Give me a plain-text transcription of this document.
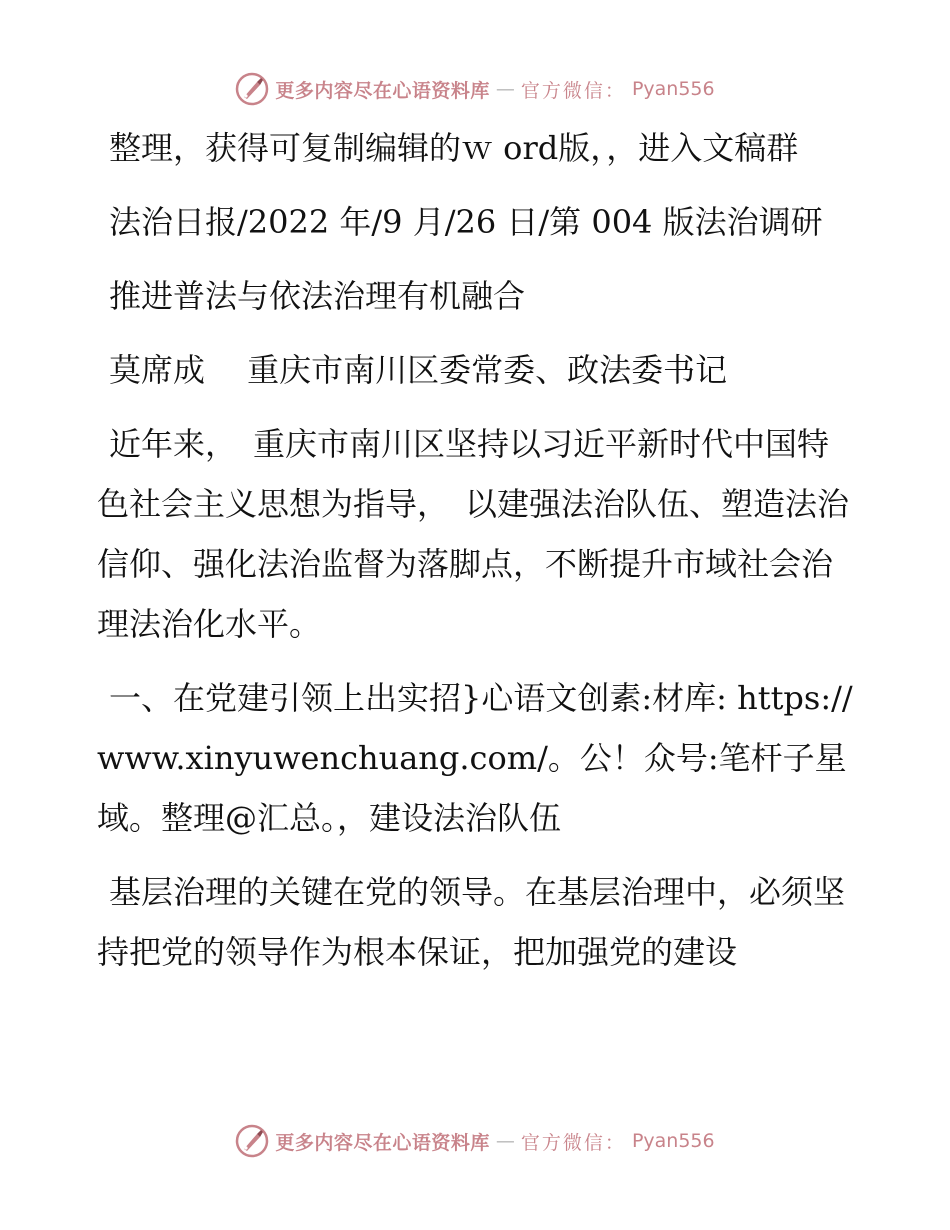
更多内容尽在心语资料库 — 官方微信： Pyan556

整理，获得可复制编辑的ｗ ord版，，进入文稿群

法治日报/2022 年/9 月/26 日/第 004 版法治调研

推进普法与依法治理有机融合

莫席成　 重庆市南川区委常委、政法委书记

近年来，　重庆市南川区坚持以习近平新时代中国特色社会主义思想为指导，　以建强法治队伍、塑造法治信仰、强化法治监督为落脚点，不断提升市域社会治理法治化水平。

一、在党建引领上出实招}心语文创素:材库: https://www.xinyuwenchuang.com/。公！众号:笔杆子星域。整理@汇总。，建设法治队伍

基层治理的关键在党的领导。在基层治理中，必须坚持把党的领导作为根本保证，把加强党的建设

更多内容尽在心语资料库 — 官方微信： Pyan556
